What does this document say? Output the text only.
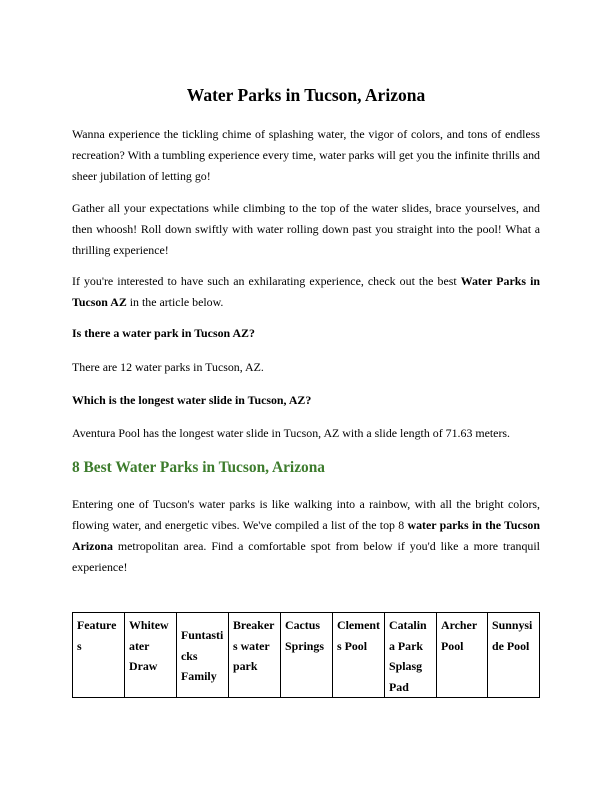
Water Parks in Tucson, Arizona

Wanna experience the tickling chime of splashing water, the vigor of colors, and tons of endless recreation? With a tumbling experience every time, water parks will get you the infinite thrills and sheer jubilation of letting go!

Gather all your expectations while climbing to the top of the water slides, brace yourselves, and then whoosh! Roll down swiftly with water rolling down past you straight into the pool! What a thrilling experience!

If you're interested to have such an exhilarating experience, check out the best Water Parks in Tucson AZ in the article below.

Is there a water park in Tucson AZ?

There are 12 water parks in Tucson, AZ.

Which is the longest water slide in Tucson, AZ?

Aventura Pool has the longest water slide in Tucson, AZ with a slide length of 71.63 meters.

8 Best Water Parks in Tucson, Arizona

Entering one of Tucson's water parks is like walking into a rainbow, with all the bright colors, flowing water, and energetic vibes. We've compiled a list of the top 8 water parks in the Tucson Arizona metropolitan area. Find a comfortable spot from below if you'd like a more tranquil experience!

Features	Whitewater Draw	Funtasticks Family	Breakers water park	Cactus Springs	Clements Pool	Catalina Park Splasg Pad	Archer Pool	Sunnyside Pool
